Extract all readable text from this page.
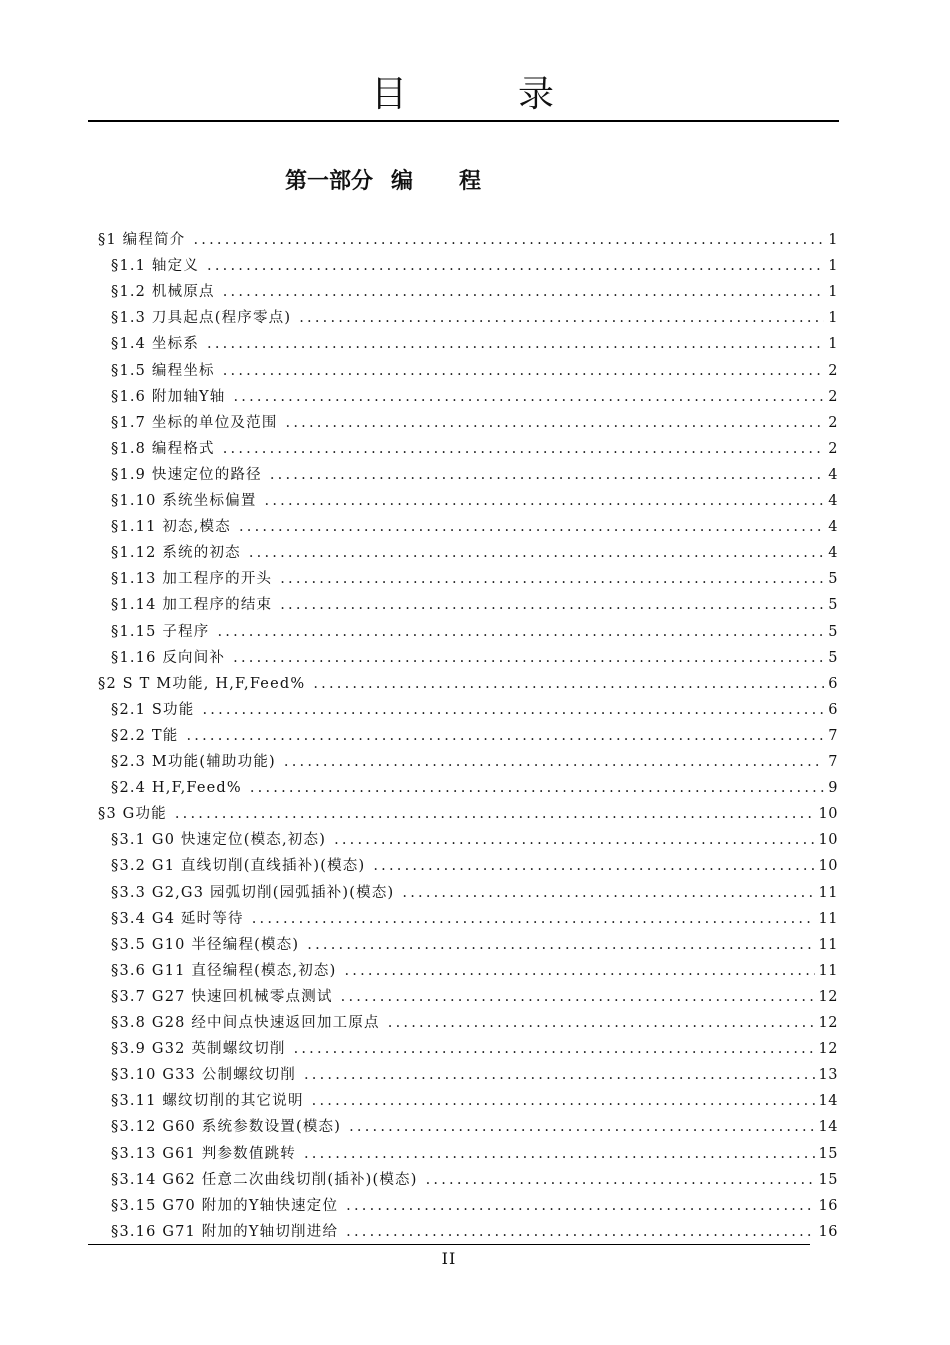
目	录
第一部分 编 程
§1 编程简介 .....	1
§1.1 轴定义 .....	1
§1.2 机械原点 .....	1
§1.3 刀具起点(程序零点) .....	1
§1.4 坐标系 .....	1
§1.5 编程坐标 .....	2
§1.6 附加轴Y轴 .....	2
§1.7 坐标的单位及范围 .....	2
§1.8 编程格式 .....	2
§1.9 快速定位的路径 .....	4
§1.10 系统坐标偏置 .....	4
§1.11 初态,模态 .....	4
§1.12 系统的初态 .....	4
§1.13 加工程序的开头 .....	5
§1.14 加工程序的结束 .....	5
§1.15 子程序 .....	5
§1.16 反向间补 .....	5
§2 S T M功能, H,F,Feed% .....	6
§2.1 S功能 .....	6
§2.2 T能 .....	7
§2.3 M功能(辅助功能) .....	7
§2.4 H,F,Feed% .....	9
§3 G功能 .....	10
§3.1 G0 快速定位(模态,初态) .....	10
§3.2 G1 直线切削(直线插补)(模态) .....	10
§3.3 G2,G3 园弧切削(园弧插补)(模态) .....	11
§3.4 G4 延时等待 .....	11
§3.5 G10 半径编程(模态) .....	11
§3.6 G11 直径编程(模态,初态) .....	11
§3.7 G27 快速回机械零点测试 .....	12
§3.8 G28 经中间点快速返回加工原点 .....	12
§3.9 G32 英制螺纹切削 .....	12
§3.10 G33 公制螺纹切削 .....	13
§3.11 螺纹切削的其它说明 .....	14
§3.12 G60 系统参数设置(模态) .....	14
§3.13 G61 判参数值跳转 .....	15
§3.14 G62 任意二次曲线切削(插补)(模态) .....	15
§3.15 G70 附加的Y轴快速定位 .....	16
§3.16 G71 附加的Y轴切削进给 .....	16
II
